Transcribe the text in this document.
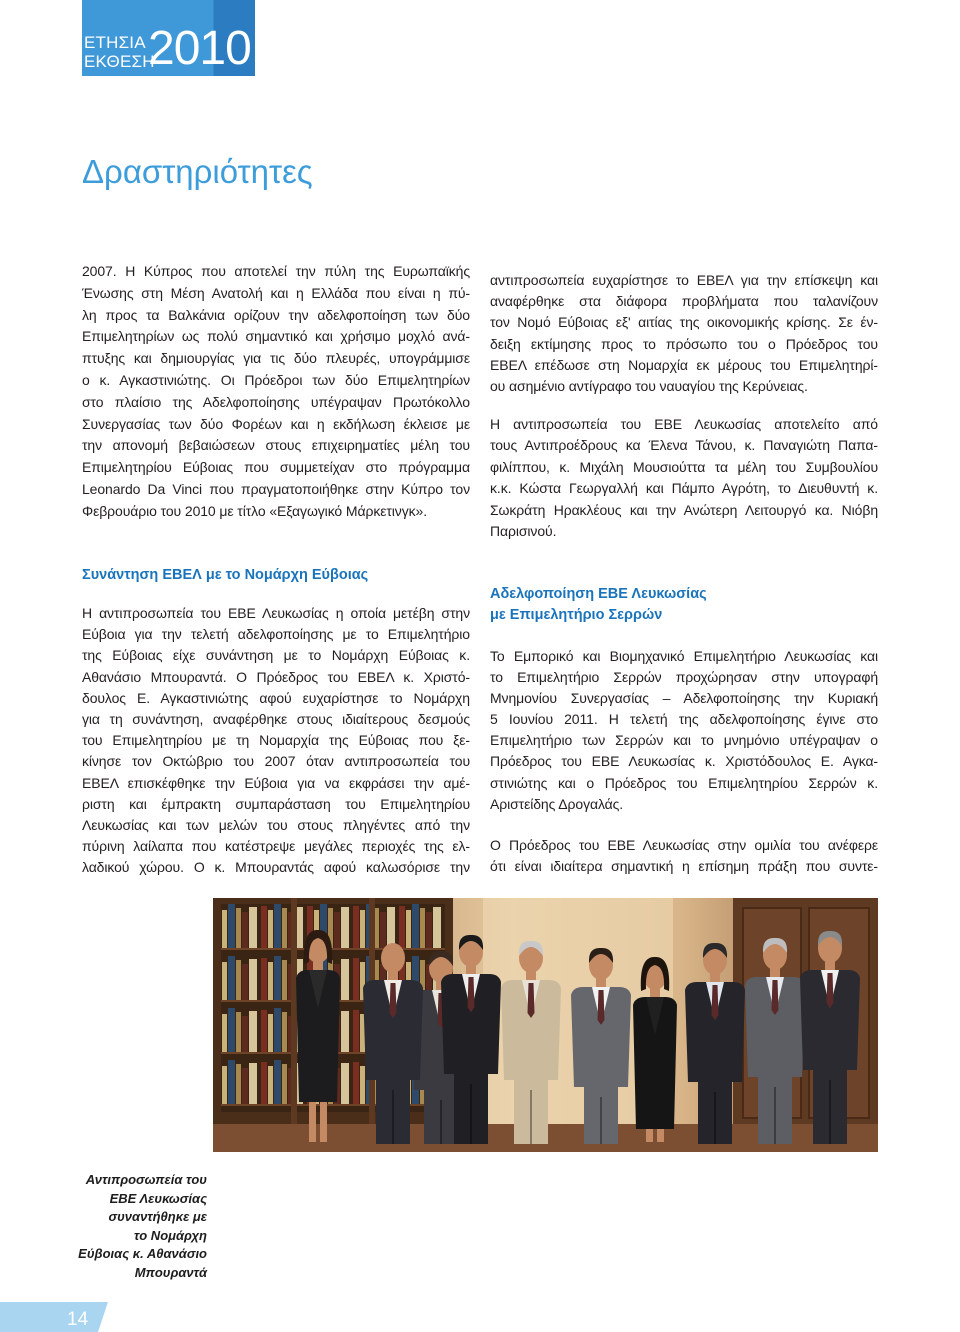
ΕΤΗΣΙΑ
ΕΚΘΕΣΗ
2010
Δραστηριότητες
2007. Η Κύπρος που αποτελεί την πύλη της Ευρωπαϊκής
Ένωσης στη Μέση Ανατολή και η Ελλάδα που είναι η πύ-
λη προς τα Βαλκάνια ορίζουν την αδελφοποίηση των δύο
Επιμελητηρίων ως πολύ σημαντικό και χρήσιμο μοχλό ανά-
πτυξης και δημιουργίας για τις δύο πλευρές, υπογράμμισε
ο κ. Αγκαστινιώτης. Οι Πρόεδροι των δύο Επιμελητηρίων
στο πλαίσιο της Αδελφοποίησης υπέγραψαν Πρωτόκολλο
Συνεργασίας των δύο Φορέων και η εκδήλωση έκλεισε με
την απονομή βεβαιώσεων στους επιχειρηματίες μέλη του
Επιμελητηρίου Εύβοιας που συμμετείχαν στο πρόγραμμα
Leonardo Da Vinci που πραγματοποιήθηκε στην Κύπρο τον
Φεβρουάριο του 2010 με τίτλο «Εξαγωγικό Μάρκετινγκ».
Συνάντηση ΕΒΕΛ με το Νομάρχη Εύβοιας
Η αντιπροσωπεία του ΕΒΕ Λευκωσίας η οποία μετέβη στην
Εύβοια για την τελετή αδελφοποίησης με το Επιμελητήριο
της Εύβοιας είχε συνάντηση με το Νομάρχη Εύβοιας κ.
Αθανάσιο Μπουραντά. Ο Πρόεδρος του ΕΒΕΛ κ. Χριστό-
δουλος Ε. Αγκαστινιώτης αφού ευχαρίστησε το Νομάρχη
για τη συνάντηση, αναφέρθηκε στους ιδιαίτερους δεσμούς
του Επιμελητηρίου με τη Νομαρχία της Εύβοιας που ξε-
κίνησε τον Οκτώβριο του 2007 όταν αντιπροσωπεία του
ΕΒΕΛ επισκέφθηκε την Εύβοια για να εκφράσει την αμέ-
ριστη και έμπρακτη συμπαράσταση του Επιμελητηρίου
Λευκωσίας και των μελών του στους πληγέντες από την
πύρινη λαίλαπα που κατέστρεψε μεγάλες περιοχές της ελ-
λαδικού χώρου. Ο κ. Μπουραντάς αφού καλωσόρισε την
αντιπροσωπεία ευχαρίστησε το ΕΒΕΛ για την επίσκεψη και
αναφέρθηκε στα διάφορα προβλήματα που ταλανίζουν
τον Νομό Εύβοιας εξ' αιτίας της οικονομικής κρίσης. Σε έν-
δειξη εκτίμησης προς το πρόσωπο του ο Πρόεδρος του
ΕΒΕΛ επέδωσε στη Νομαρχία εκ μέρους του Επιμελητηρί-
ου ασημένιο αντίγραφο του ναυαγίου της Κερύνειας.
Η αντιπροσωπεία του ΕΒΕ Λευκωσίας αποτελείτο από
τους Αντιπροέδρους κα Έλενα Τάνου, κ. Παναγιώτη Παπα-
φιλίππου, κ. Μιχάλη Μουσιούττα τα μέλη του Συμβουλίου
κ.κ. Κώστα Γεωργαλλή και Πάμπο Αγρότη, το Διευθυντή κ.
Σωκράτη Ηρακλέους και την Ανώτερη Λειτουργό κα. Νιόβη
Παρισινού.
Αδελφοποίηση ΕΒΕ Λευκωσίας
με Επιμελητήριο Σερρών
Το Εμπορικό και Βιομηχανικό Επιμελητήριο Λευκωσίας και
το Επιμελητήριο Σερρών προχώρησαν στην υπογραφή
Μνημονίου Συνεργασίας – Αδελφοποίησης την Κυριακή
5 Ιουνίου 2011. Η τελετή της αδελφοποίησης έγινε στο
Επιμελητήριο των Σερρών και το μνημόνιο υπέγραψαν ο
Πρόεδρος του ΕΒΕ Λευκωσίας κ. Χριστόδουλος Ε. Αγκα-
στινιώτης και ο Πρόεδρος του Επιμελητηρίου Σερρών κ.
Αριστείδης Δρογαλάς.
Ο Πρόεδρος του ΕΒΕ Λευκωσίας στην ομιλία του ανέφερε
ότι είναι ιδιαίτερα σημαντική η επίσημη πράξη που συντε-
Αντιπροσωπεία του
ΕΒΕ Λευκωσίας
συναντήθηκε με
το Νομάρχη
Εύβοιας κ. Αθανάσιο
Μπουραντά
14
